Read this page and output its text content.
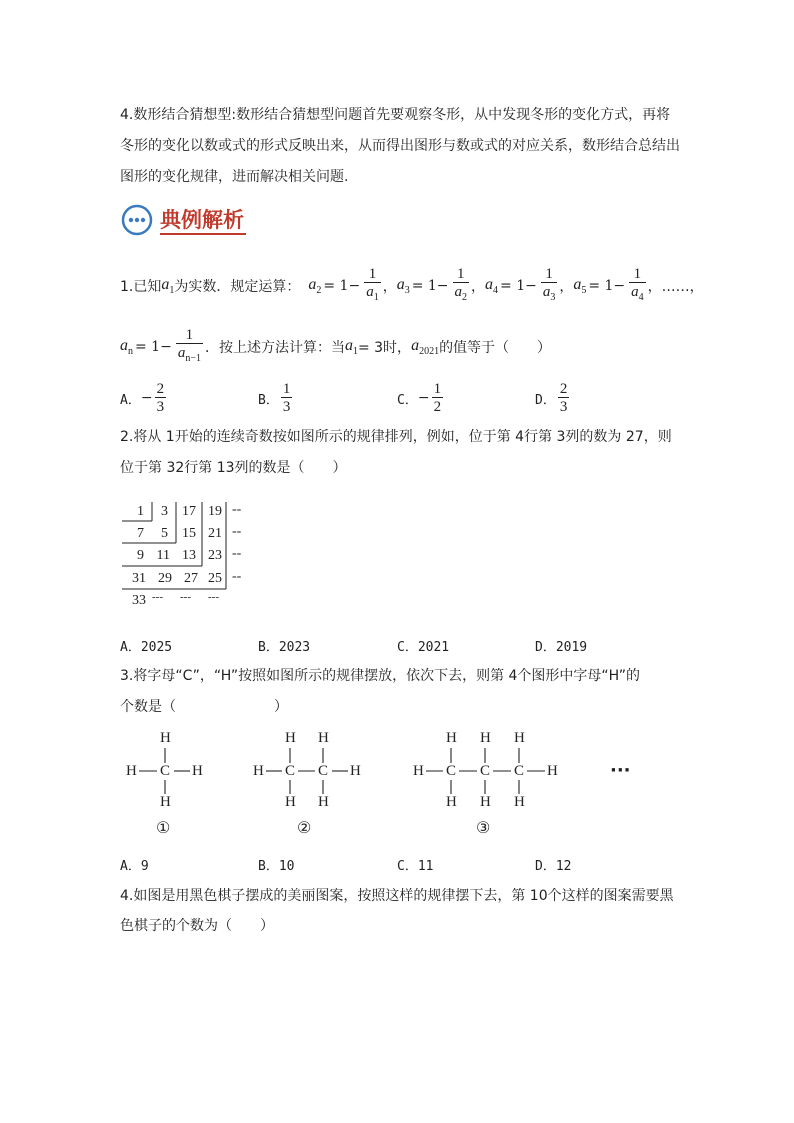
4.数形结合猜想型:数形结合猜想型问题首先要观察冬形，从中发现冬形的变化方式，再将
冬形的变化以数或式的形式反映出来，从而得出图形与数或式的对应关系，数形结合总结出
图形的变化规律，进而解决相关问题.
典例解析
1.已知 $a_1$ 为实数．规定运算： $a_2 = 1- \frac{1}{a_1}$ ， $a_3 = 1- \frac{1}{a_2}$ ， $a_4 = 1- \frac{1}{a_3}$ ， $a_5 = 1- \frac{1}{a_4}$ ，……，
$a_n = 1- \frac{1}{a_{n-1}}$ ．按上述方法计算：当 $a_1 = 3$时， $a_{2021}$ 的值等于（　　）
A． − $\frac{2}{3}$	B． $\frac{1}{3}$	C． − $\frac{1}{2}$	D． $\frac{2}{3}$
2.将从 1开始的连续奇数按如图所示的规律排列，例如，位于第 4行第 3列的数为 27，则
位于第 32行第 13列的数是（　　）
1	3	17 19 --
7	5	15 21 --
9 11 13 23 --
31 29 27 25 --
33 ---	---	---
A．2025	B．2023	C．2021	D．2019
3.将字母“C”，“H”按照如图所示的规律摆放，依次下去，则第 4个图形中字母“H”的
个数是（　　　　　　　）
H
H C H
H
①
H H
H C C H
H H
②
H H H
H C C C H
H H H
③
···
A．9	B．10	C．11	D．12
4.如图是用黑色棋子摆成的美丽图案，按照这样的规律摆下去，第 10个这样的图案需要黑
色棋子的个数为（　　）
